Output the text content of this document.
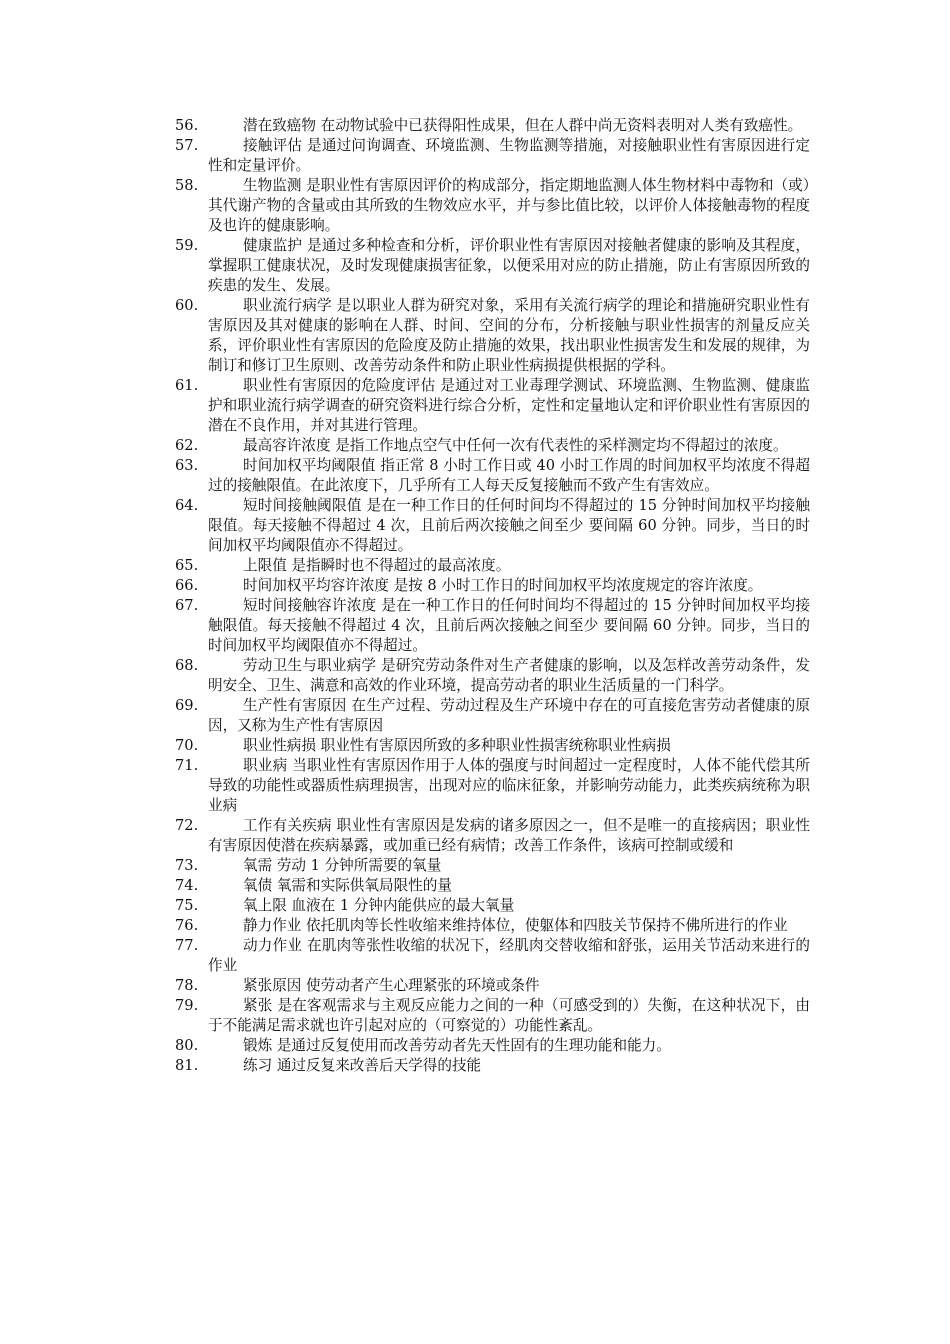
56.	潜在致癌物 在动物试验中已获得阳性成果，但在人群中尚无资料表明对人类有致癌性。
57.	接触评估 是通过问询调查、环境监测、生物监测等措施，对接触职业性有害原因进行定性和定量评价。
58.	生物监测 是职业性有害原因评价的构成部分，指定期地监测人体生物材料中毒物和（或）其代谢产物的含量或由其所致的生物效应水平，并与参比值比较，以评价人体接触毒物的程度及也许的健康影响。
59.	健康监护 是通过多种检查和分析，评价职业性有害原因对接触者健康的影响及其程度，掌握职工健康状况，及时发现健康损害征象，以便采用对应的防止措施，防止有害原因所致的疾患的发生、发展。
60.	职业流行病学 是以职业人群为研究对象，采用有关流行病学的理论和措施研究职业性有害原因及其对健康的影响在人群、时间、空间的分布，分析接触与职业性损害的剂量反应关系，评价职业性有害原因的危险度及防止措施的效果，找出职业性损害发生和发展的规律，为制订和修订卫生原则、改善劳动条件和防止职业性病损提供根据的学科。
61.	职业性有害原因的危险度评估 是通过对工业毒理学测试、环境监测、生物监测、健康监护和职业流行病学调查的研究资料进行综合分析，定性和定量地认定和评价职业性有害原因的潜在不良作用，并对其进行管理。
62.	最高容许浓度 是指工作地点空气中任何一次有代表性的采样测定均不得超过的浓度。
63.	时间加权平均阈限值 指正常 8 小时工作日或 40 小时工作周的时间加权平均浓度不得超过的接触限值。在此浓度下，几乎所有工人每天反复接触而不致产生有害效应。
64.	短时间接触阈限值 是在一种工作日的任何时间均不得超过的 15 分钟时间加权平均接触限值。每天接触不得超过 4 次，且前后两次接触之间至少 要间隔 60 分钟。同步，当日的时间加权平均阈限值亦不得超过。
65.	上限值 是指瞬时也不得超过的最高浓度。
66.	时间加权平均容许浓度 是按 8 小时工作日的时间加权平均浓度规定的容许浓度。
67.	短时间接触容许浓度 是在一种工作日的任何时间均不得超过的 15 分钟时间加权平均接触限值。每天接触不得超过 4 次，且前后两次接触之间至少 要间隔 60 分钟。同步，当日的时间加权平均阈限值亦不得超过。
68.	劳动卫生与职业病学 是研究劳动条件对生产者健康的影响，以及怎样改善劳动条件，发明安全、卫生、满意和高效的作业环境，提高劳动者的职业生活质量的一门科学。
69.	生产性有害原因 在生产过程、劳动过程及生产环境中存在的可直接危害劳动者健康的原因，又称为生产性有害原因
70.	职业性病损 职业性有害原因所致的多种职业性损害统称职业性病损
71.	职业病 当职业性有害原因作用于人体的强度与时间超过一定程度时，人体不能代偿其所导致的功能性或器质性病理损害，出现对应的临床征象，并影响劳动能力，此类疾病统称为职业病
72.	工作有关疾病 职业性有害原因是发病的诸多原因之一，但不是唯一的直接病因；职业性有害原因使潜在疾病暴露，或加重已经有病情；改善工作条件，该病可控制或缓和
73.	氧需 劳动 1 分钟所需要的氧量
74.	氧债 氧需和实际供氧局限性的量
75.	氧上限 血液在 1 分钟内能供应的最大氧量
76.	静力作业 依托肌肉等长性收缩来维持体位，使躯体和四肢关节保持不佛所进行的作业
77.	动力作业 在肌肉等张性收缩的状况下，经肌肉交替收缩和舒张，运用关节活动来进行的作业
78.	紧张原因 使劳动者产生心理紧张的环境或条件
79.	紧张 是在客观需求与主观反应能力之间的一种（可感受到的）失衡，在这种状况下，由于不能满足需求就也许引起对应的（可察觉的）功能性紊乱。
80.	锻炼 是通过反复使用而改善劳动者先天性固有的生理功能和能力。
81.	练习 通过反复来改善后天学得的技能
